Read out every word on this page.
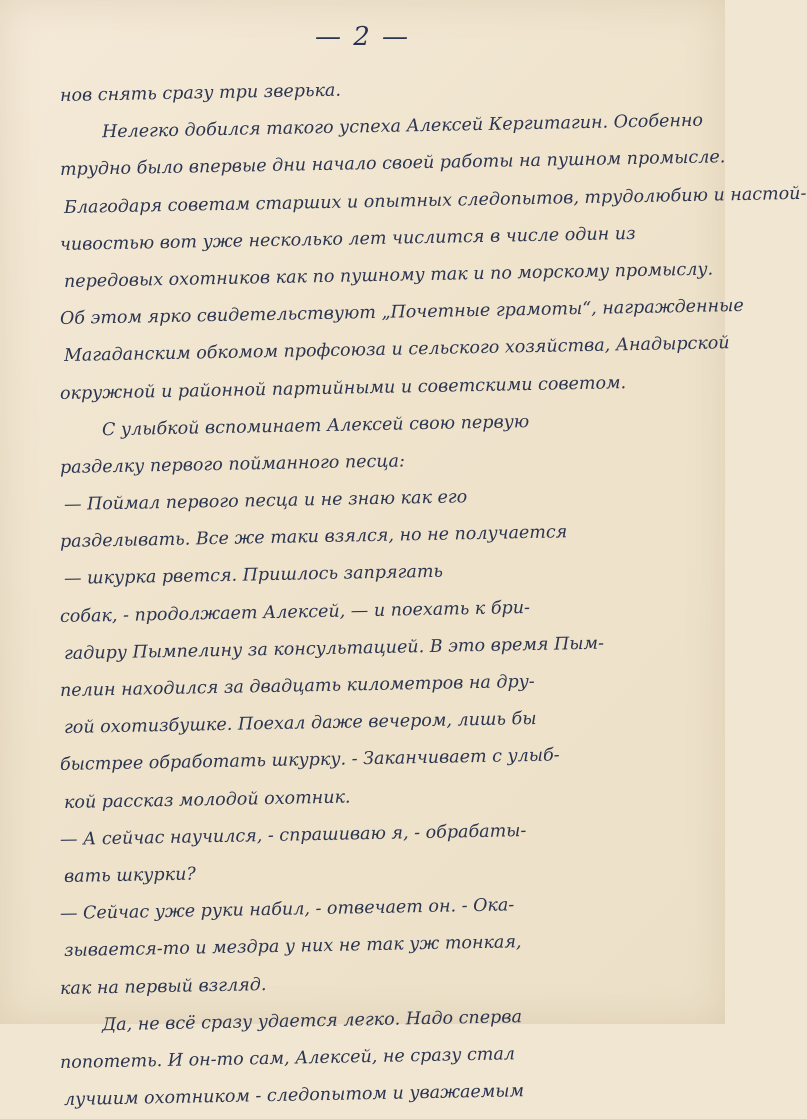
— 2 —
нов снять сразу три зверька.
Нелегко добился такого успеха Алексей Кергитагин. Особенно
трудно было впервые дни начало своей работы на пушном промысле.
Благодаря советам старших и опытных следопытов, трудолюбию и настой-
чивостью вот уже несколько лет числится в числе один из
передовых охотников как по пушному так и по морскому промыслу.
Об этом ярко свидетельствуют „Почетные грамоты“, награжденные
Магаданским обкомом профсоюза и сельского хозяйства, Анадырской
окружной и районной партийными и советскими советом.
С улыбкой вспоминает Алексей свою первую
разделку первого пойманного песца:
— Поймал первого песца и не знаю как его
разделывать. Все же таки взялся, но не получается
— шкурка рвется. Пришлось запрягать
собак, - продолжает Алексей, — и поехать к бри-
гадиру Пымпелину за консультацией. В это время Пым-
пелин находился за двадцать километров на дру-
гой охотизбушке. Поехал даже вечером, лишь бы
быстрее обработать шкурку. - Заканчивает с улыб-
кой рассказ молодой охотник.
— А сейчас научился, - спрашиваю я, - обрабаты-
вать шкурки?
— Сейчас уже руки набил, - отвечает он. - Ока-
зывается-то и мездра у них не так уж тонкая,
как на первый взгляд.
Да, не всё сразу удается легко. Надо сперва
попотеть. И он-то сам, Алексей, не сразу стал
лучшим охотником - следопытом и уважаемым
